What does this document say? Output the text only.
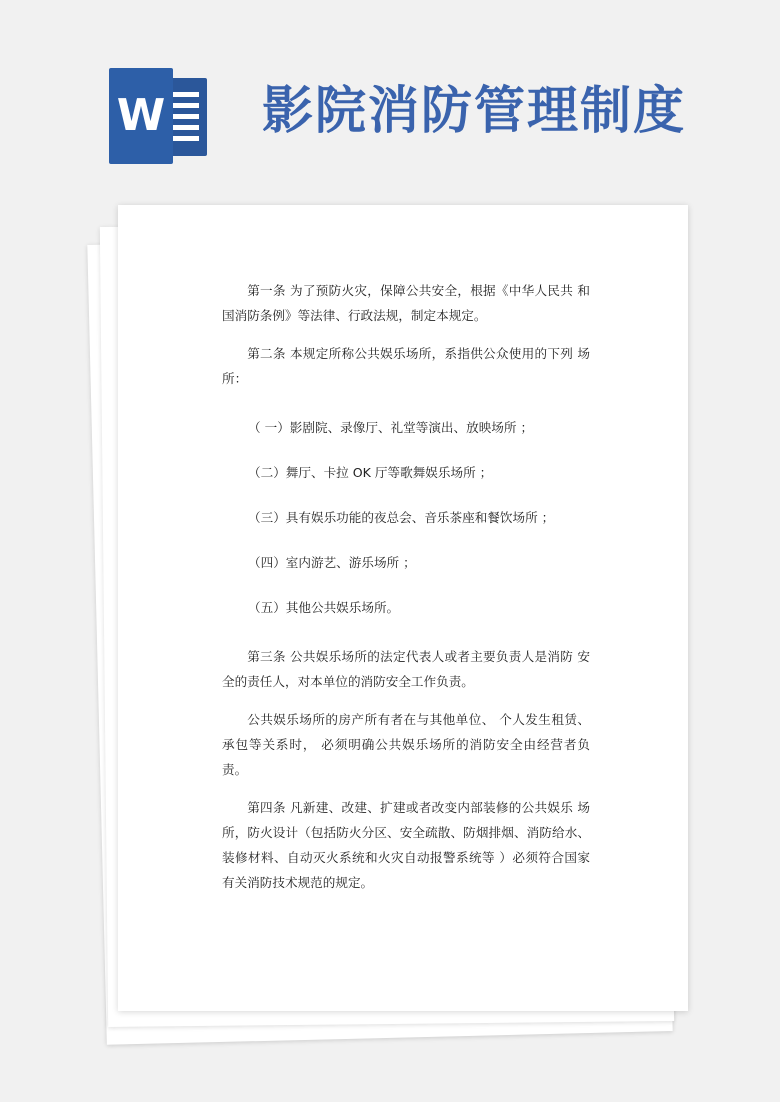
W 影院消防管理制度

第一条 为了预防火灾，保障公共安全，根据《中华人民共 和国消防条例》等法律、行政法规，制定本规定。

第二条 本规定所称公共娱乐场所，系指供公众使用的下列 场所：

（ 一）影剧院、录像厅、礼堂等演出、放映场所 ；

（二）舞厅、卡拉 OK 厅等歌舞娱乐场所 ；

（三）具有娱乐功能的夜总会、音乐茶座和餐饮场所 ；

（四）室内游艺、游乐场所 ；

（五）其他公共娱乐场所。

第三条 公共娱乐场所的法定代表人或者主要负责人是消防 安全的责任人，对本单位的消防安全工作负责。

公共娱乐场所的房产所有者在与其他单位、 个人发生租赁、 承包等关系时， 必须明确公共娱乐场所的消防安全由经营者负责。

第四条 凡新建、改建、扩建或者改变内部装修的公共娱乐 场所，防火设计（包括防火分区、安全疏散、防烟排烟、消防给水、装修材料、自动灭火系统和火灾自动报警系统等 ）必须符合国家有关消防技术规范的规定。
